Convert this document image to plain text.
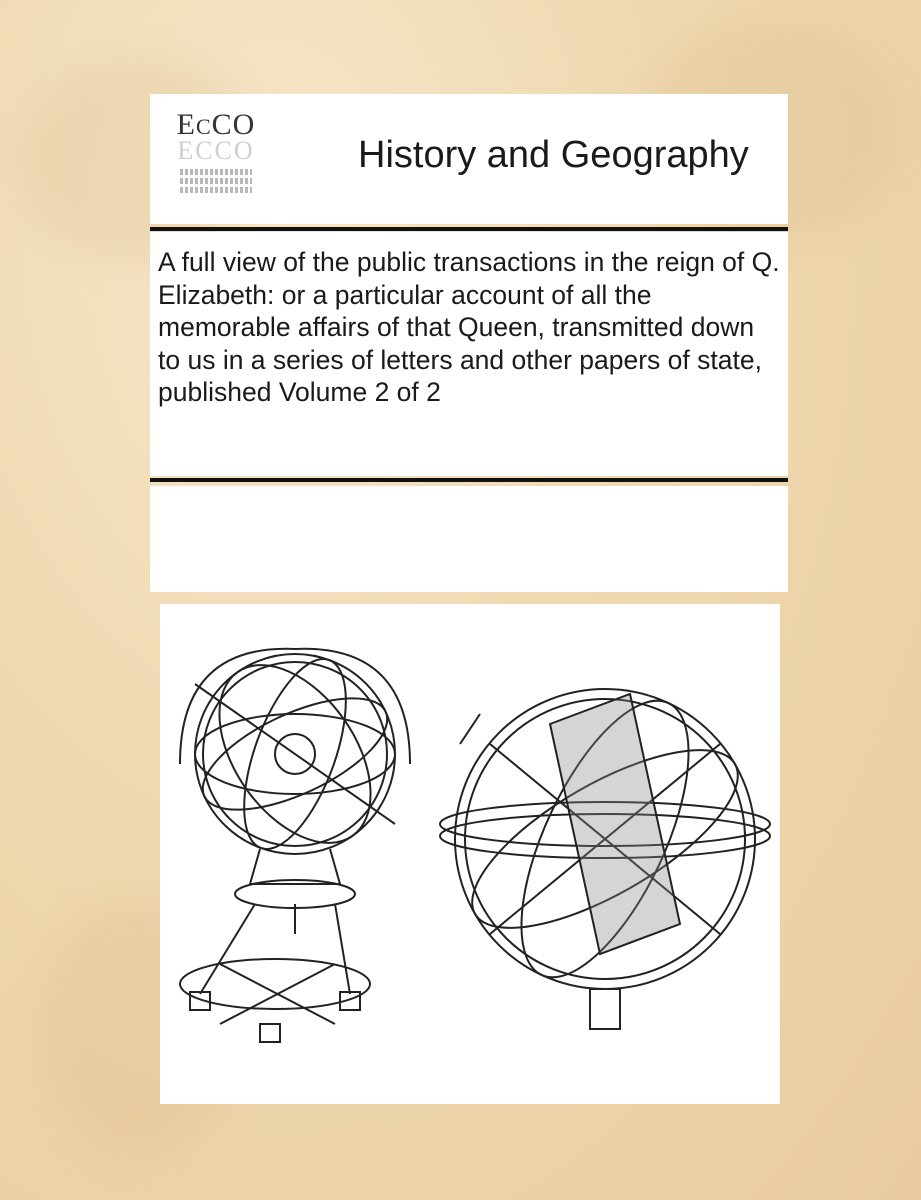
ECCO
ECCO	History and Geography
A full view of the public transactions in the reign of Q. Elizabeth: or a particular account of all the memorable affairs of that Queen, transmitted down to us in a series of letters and other papers of state, published Volume 2 of 2
